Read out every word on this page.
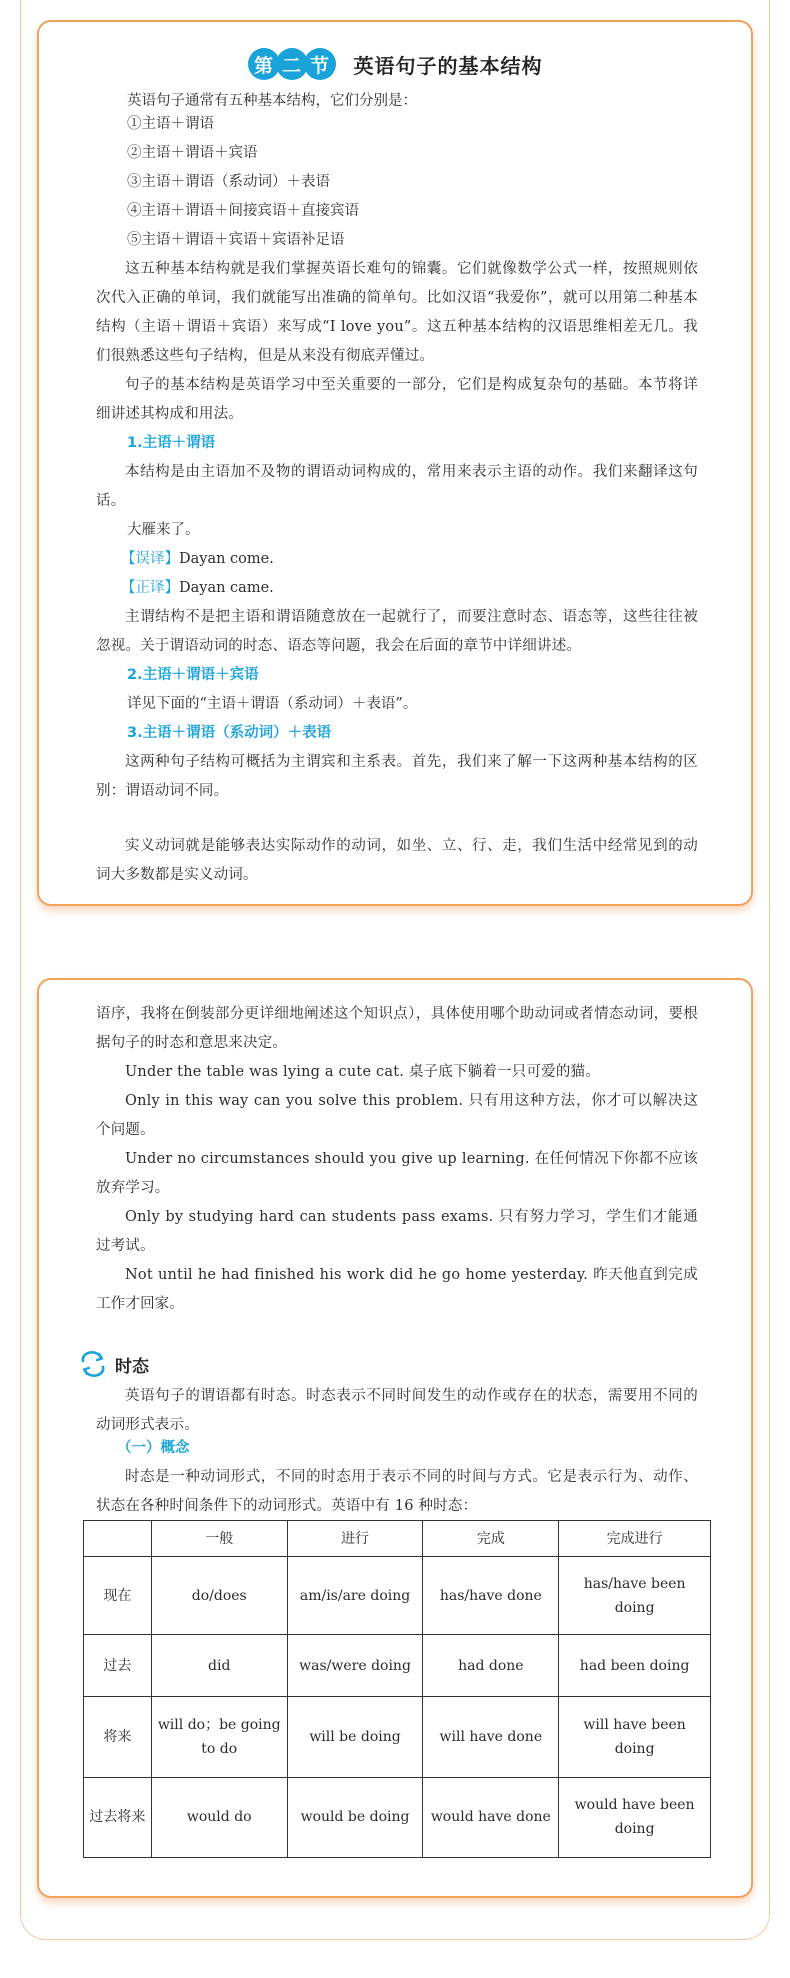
第 二 节	英语句子的基本结构
英语句子通常有五种基本结构，它们分别是：
①主语＋谓语
②主语＋谓语＋宾语
③主语＋谓语（系动词）＋表语
④主语＋谓语＋间接宾语＋直接宾语
⑤主语＋谓语＋宾语＋宾语补足语
这五种基本结构就是我们掌握英语长难句的锦囊。它们就像数学公式一样，按照规则依次代入正确的单词，我们就能写出准确的简单句。比如汉语“我爱你”，就可以用第二种基本结构（主语＋谓语＋宾语）来写成“I love you”。这五种基本结构的汉语思维相差无几。我们很熟悉这些句子结构，但是从来没有彻底弄懂过。
句子的基本结构是英语学习中至关重要的一部分，它们是构成复杂句的基础。本节将详细讲述其构成和用法。
1.主语＋谓语
本结构是由主语加不及物的谓语动词构成的，常用来表示主语的动作。我们来翻译这句话。
大雁来了。
【误译】Dayan come.
【正译】Dayan came.
主谓结构不是把主语和谓语随意放在一起就行了，而要注意时态、语态等，这些往往被忽视。关于谓语动词的时态、语态等问题，我会在后面的章节中详细讲述。
2.主语＋谓语＋宾语
详见下面的“主语＋谓语（系动词）＋表语”。
3.主语＋谓语（系动词）＋表语
这两种句子结构可概括为主谓宾和主系表。首先，我们来了解一下这两种基本结构的区别：谓语动词不同。
实义动词就是能够表达实际动作的动词，如坐、立、行、走，我们生活中经常见到的动词大多数都是实义动词。
语序，我将在倒装部分更详细地阐述这个知识点），具体使用哪个助动词或者情态动词，要根据句子的时态和意思来决定。
Under the table was lying a cute cat. 桌子底下躺着一只可爱的猫。
Only in this way can you solve this problem. 只有用这种方法，你才可以解决这个问题。
Under no circumstances should you give up learning. 在任何情况下你都不应该放弃学习。
Only by studying hard can students pass exams. 只有努力学习，学生们才能通过考试。
Not until he had finished his work did he go home yesterday. 昨天他直到完成工作才回家。
时态
英语句子的谓语都有时态。时态表示不同时间发生的动作或存在的状态，需要用不同的动词形式表示。
（一）概念
时态是一种动词形式，不同的时态用于表示不同的时间与方式。它是表示行为、动作、状态在各种时间条件下的动词形式。英语中有 16 种时态：
	一般	进行	完成	完成进行
现在	do/does	am/is/are doing	has/have done	has/have been doing
过去	did	was/were doing	had done	had been doing
将来	will do；be going to do	will be doing	will have done	will have been doing
过去将来	would do	would be doing	would have done	would have been doing
